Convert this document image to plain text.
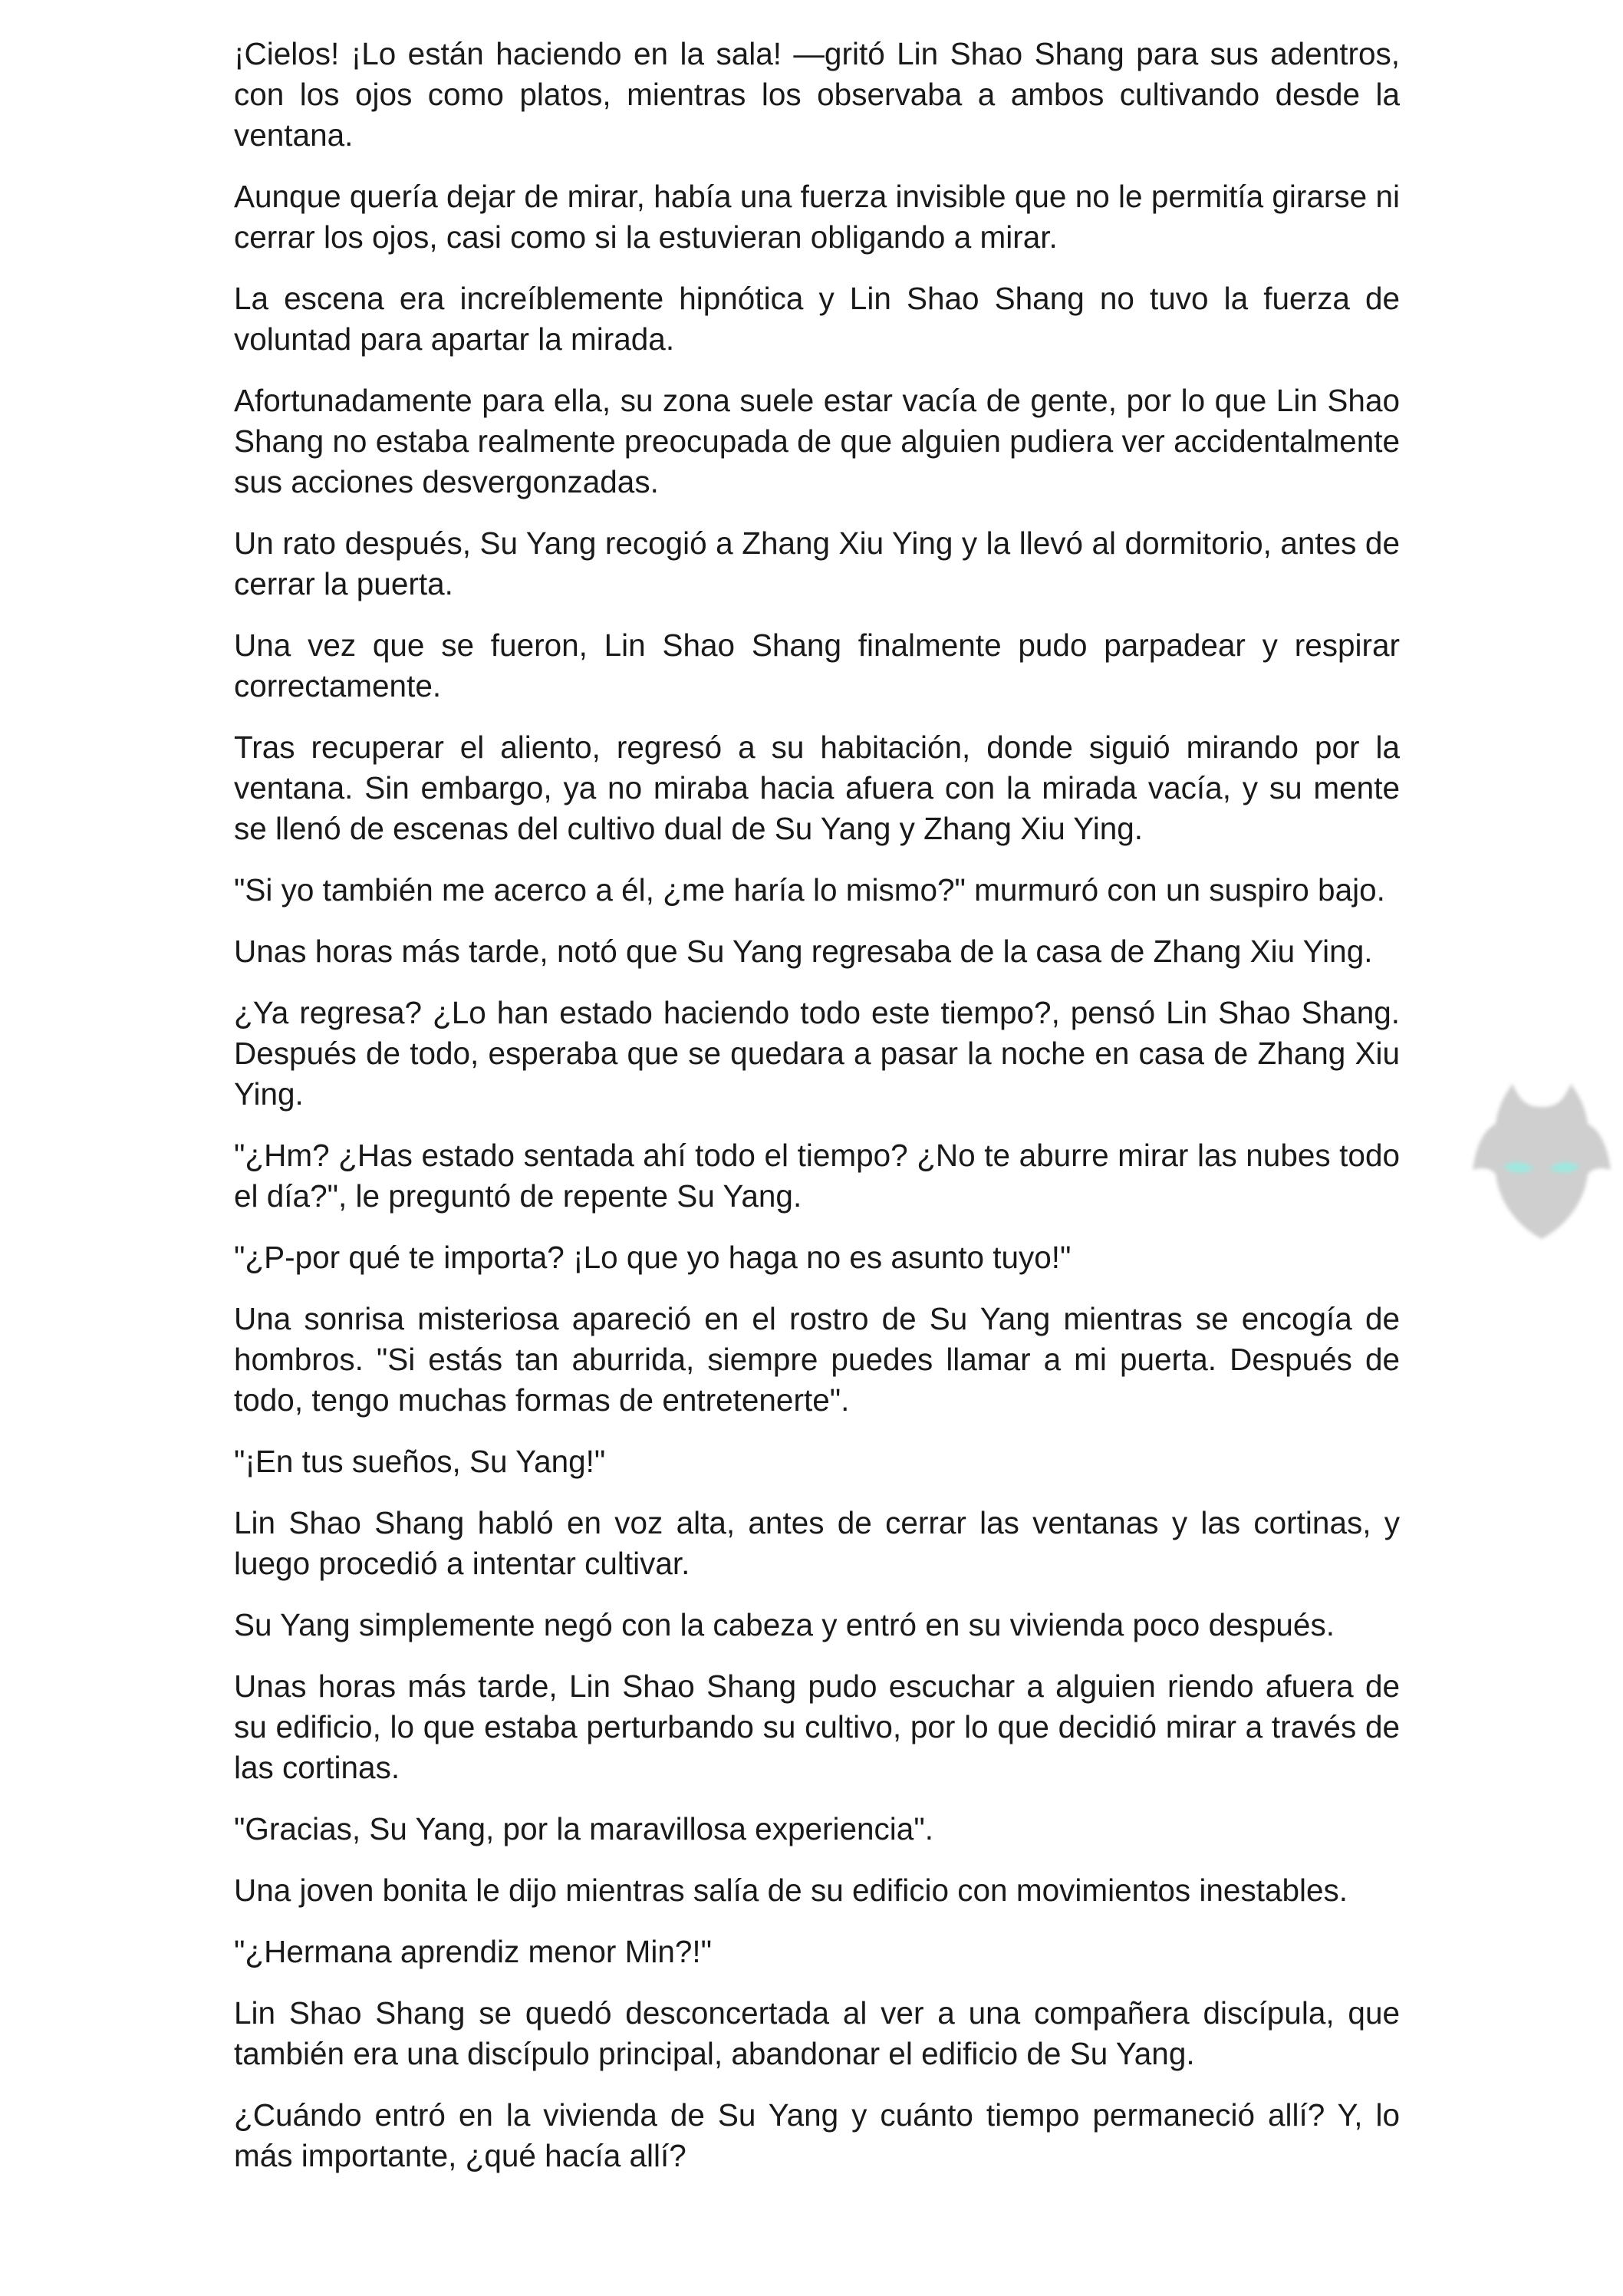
¡Cielos! ¡Lo están haciendo en la sala! —gritó Lin Shao Shang para sus adentros, con los ojos como platos, mientras los observaba a ambos cultivando desde la ventana.

Aunque quería dejar de mirar, había una fuerza invisible que no le permitía girarse ni cerrar los ojos, casi como si la estuvieran obligando a mirar.

La escena era increíblemente hipnótica y Lin Shao Shang no tuvo la fuerza de voluntad para apartar la mirada.

Afortunadamente para ella, su zona suele estar vacía de gente, por lo que Lin Shao Shang no estaba realmente preocupada de que alguien pudiera ver accidentalmente sus acciones desvergonzadas.

Un rato después, Su Yang recogió a Zhang Xiu Ying y la llevó al dormitorio, antes de cerrar la puerta.

Una vez que se fueron, Lin Shao Shang finalmente pudo parpadear y respirar correctamente.

Tras recuperar el aliento, regresó a su habitación, donde siguió mirando por la ventana. Sin embargo, ya no miraba hacia afuera con la mirada vacía, y su mente se llenó de escenas del cultivo dual de Su Yang y Zhang Xiu Ying.

"Si yo también me acerco a él, ¿me haría lo mismo?" murmuró con un suspiro bajo.

Unas horas más tarde, notó que Su Yang regresaba de la casa de Zhang Xiu Ying.

¿Ya regresa? ¿Lo han estado haciendo todo este tiempo?, pensó Lin Shao Shang. Después de todo, esperaba que se quedara a pasar la noche en casa de Zhang Xiu Ying.

"¿Hm? ¿Has estado sentada ahí todo el tiempo? ¿No te aburre mirar las nubes todo el día?", le preguntó de repente Su Yang.

"¿P-por qué te importa? ¡Lo que yo haga no es asunto tuyo!"

Una sonrisa misteriosa apareció en el rostro de Su Yang mientras se encogía de hombros. "Si estás tan aburrida, siempre puedes llamar a mi puerta. Después de todo, tengo muchas formas de entretenerte".

"¡En tus sueños, Su Yang!"

Lin Shao Shang habló en voz alta, antes de cerrar las ventanas y las cortinas, y luego procedió a intentar cultivar.

Su Yang simplemente negó con la cabeza y entró en su vivienda poco después.

Unas horas más tarde, Lin Shao Shang pudo escuchar a alguien riendo afuera de su edificio, lo que estaba perturbando su cultivo, por lo que decidió mirar a través de las cortinas.

"Gracias, Su Yang, por la maravillosa experiencia".

Una joven bonita le dijo mientras salía de su edificio con movimientos inestables.

"¿Hermana aprendiz menor Min?!"

Lin Shao Shang se quedó desconcertada al ver a una compañera discípula, que también era una discípulo principal, abandonar el edificio de Su Yang.

¿Cuándo entró en la vivienda de Su Yang y cuánto tiempo permaneció allí? Y, lo más importante, ¿qué hacía allí?
